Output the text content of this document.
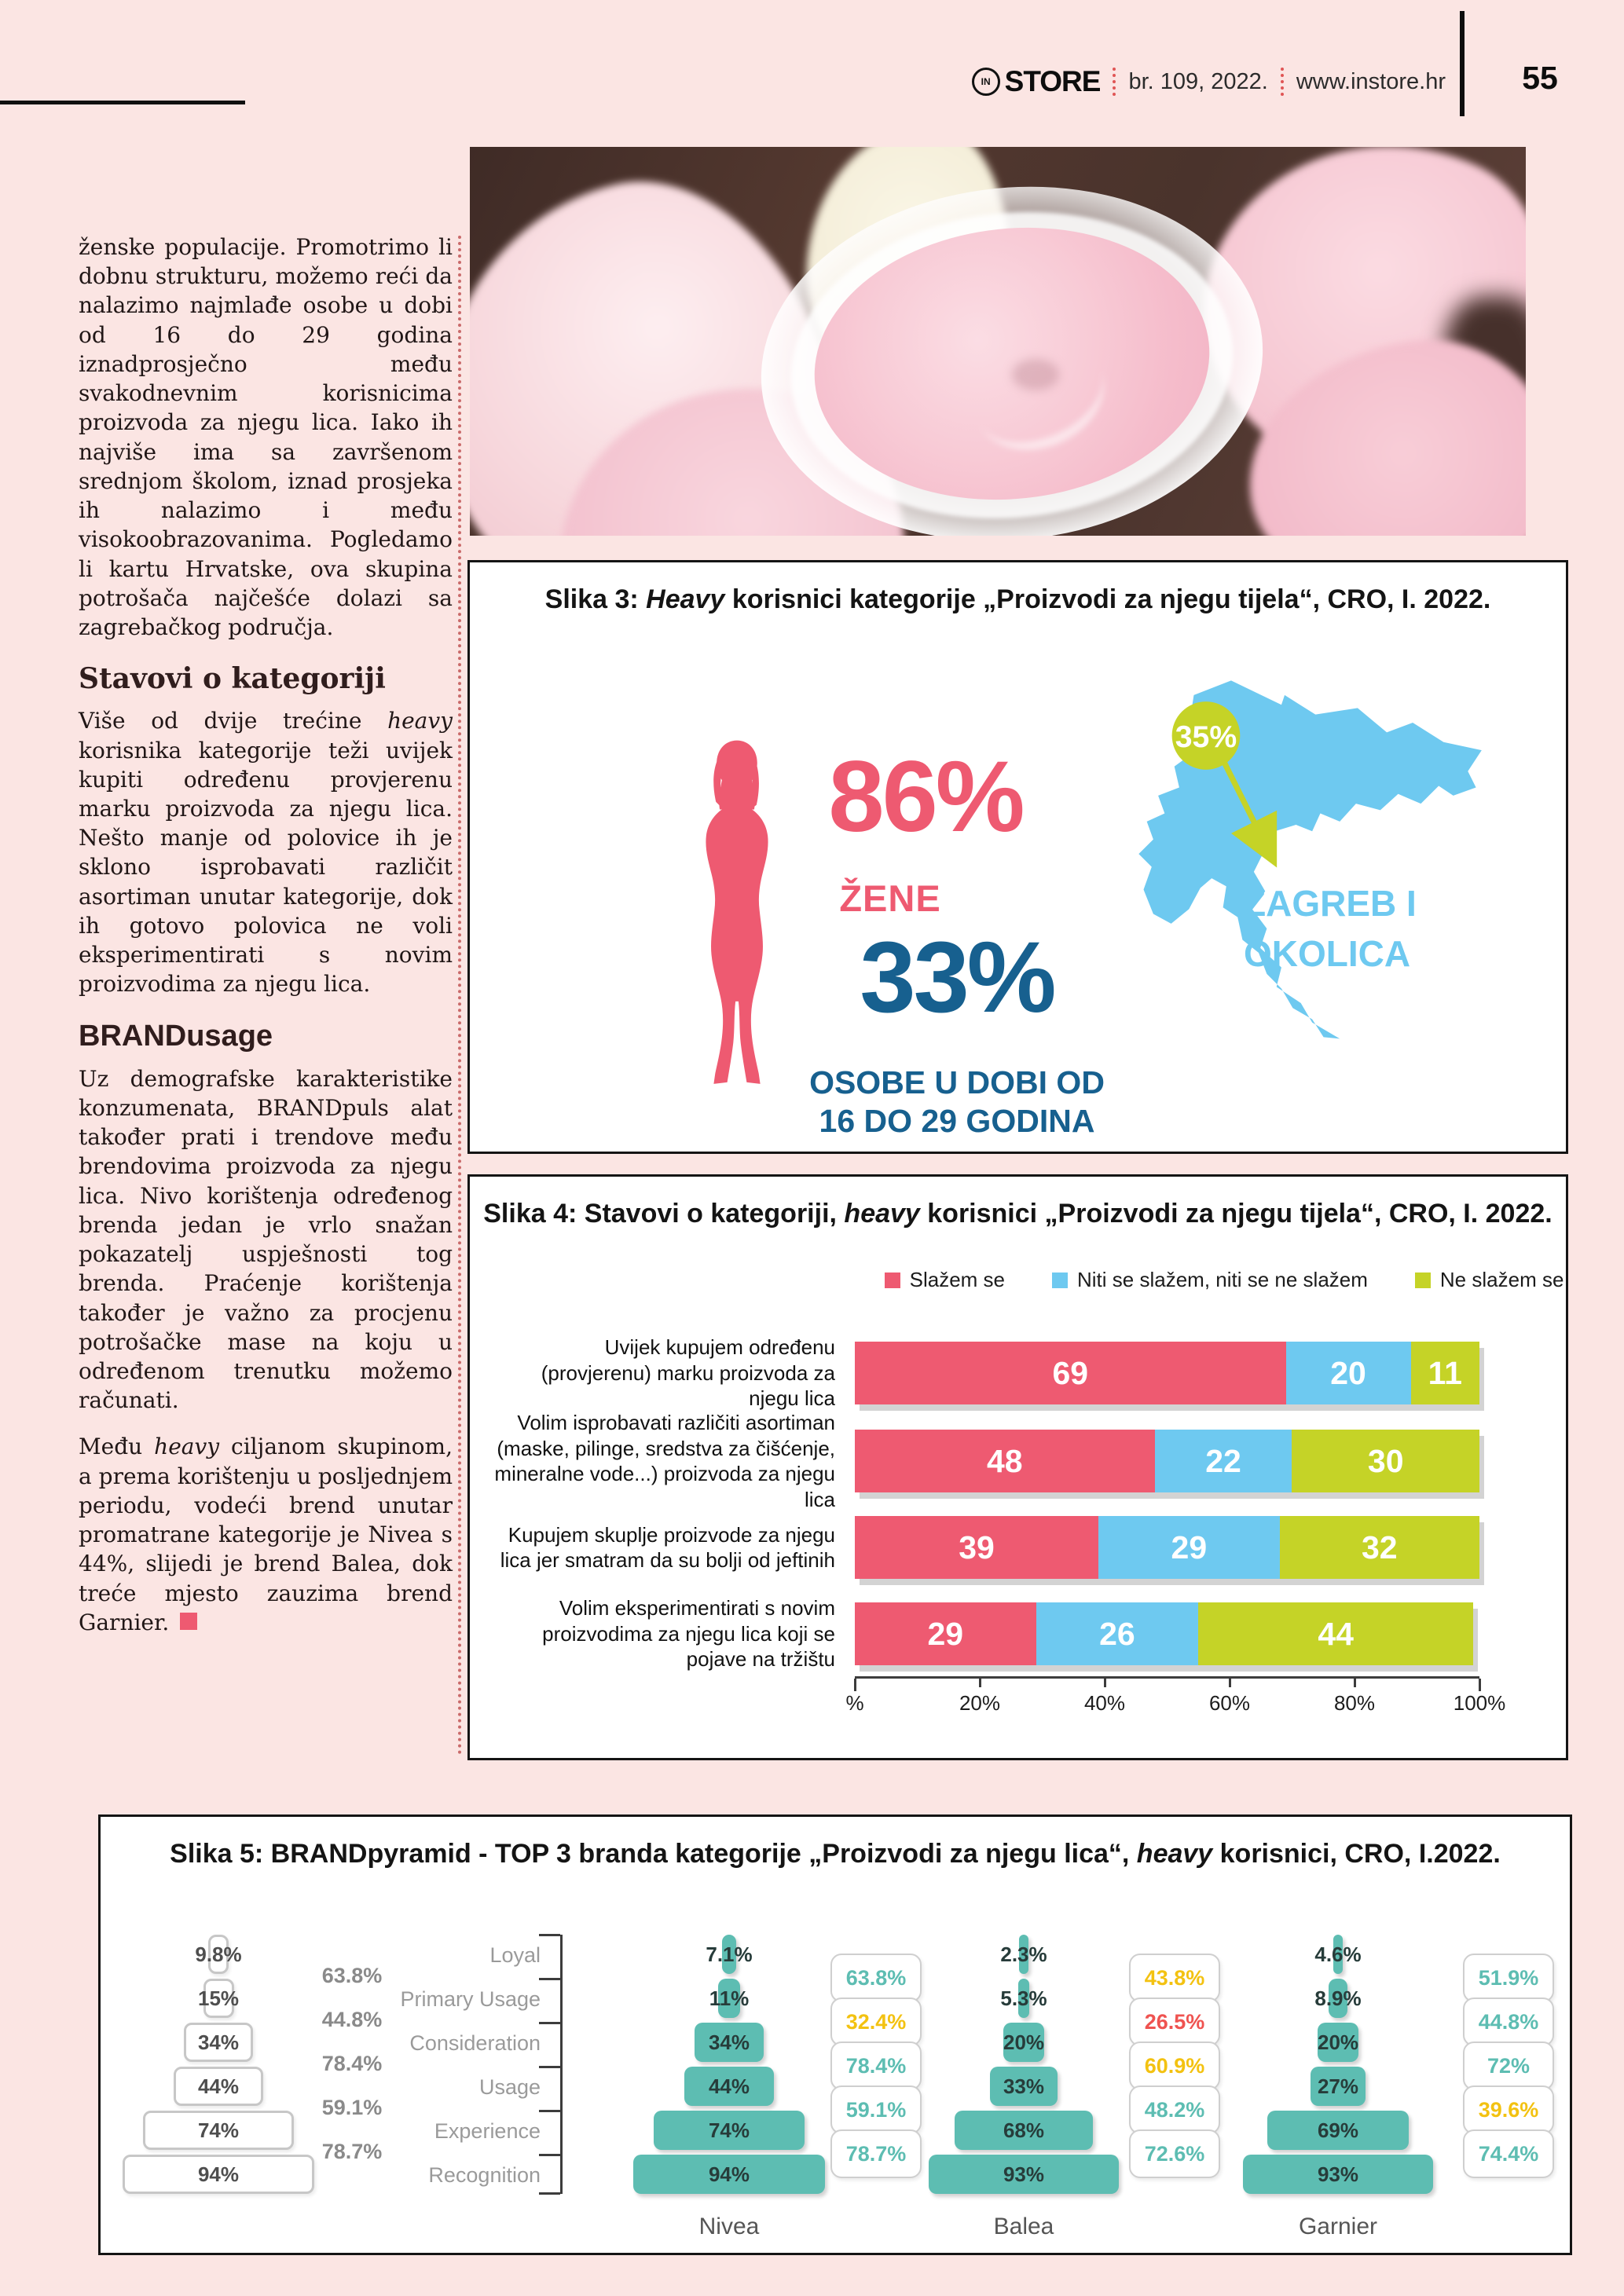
IN STORE br. 109, 2022. www.instore.hr	55

ženske populacije. Promotrimo li dobnu strukturu, možemo reći da nalazimo najmlađe osobe u dobi od 16 do 29 godina iznadprosječno među svakodnevnim korisnicima proizvoda za njegu lica. Iako ih najviše ima sa završenom srednjom školom, iznad prosjeka ih nalazimo i među visokoobrazovanima. Pogledamo li kartu Hrvatske, ova skupina potrošača najčešće dolazi sa zagrebačkog područja.

Stavovi o kategoriji

Više od dvije trećine heavy korisnika kategorije teži uvijek kupiti određenu provjerenu marku proizvoda za njegu lica. Nešto manje od polovice ih je sklono isprobavati različit asortiman unutar kategorije, dok ih gotovo polovica ne voli eksperimentirati s novim proizvodima za njegu lica.

BRANDusage

Uz demografske karakteristike konzumenata, BRANDpuls alat također prati i trendove među brendovima proizvoda za njegu lica. Nivo korištenja određenog brenda jedan je vrlo snažan pokazatelj uspješnosti tog brenda. Praćenje korištenja također je važno za procjenu potrošačke mase na koju u određenom trenutku možemo računati.

Među heavy ciljanom skupinom, a prema korištenju u posljednjem periodu, vodeći brend unutar promatrane kategorije je Nivea s 44%, slijedi je brend Balea, dok treće mjesto zauzima brend Garnier.

Slika 3: Heavy korisnici kategorije „Proizvodi za njegu tijela“, CRO, I. 2022.
86%
ŽENE
33%
OSOBE U DOBI OD
16 DO 29 GODINA
35%
ZAGREB I
OKOLICA
Slika 4: Stavovi o kategoriji, heavy korisnici „Proizvodi za njegu tijela“, CRO, I. 2022.
Slažem se	Niti se slažem, niti se ne slažem	Ne slažem se
Uvijek kupujem određenu (provjerenu) marku proizvoda za njegu lica
69	20	11
Volim isprobavati različiti asortiman (maske, pilinge, sredstva za čišćenje, mineralne vode...) proizvoda za njegu lica
48	22	30
Kupujem skuplje proizvode za njegu lica jer smatram da su bolji od jeftinih	39	29	32
Volim eksperimentirati s novim proizvodima za njegu lica koji se pojave na tržištu
29	26	44
%	20%	40%	60%	80%	100%
Slika 5: BRANDpyramid - TOP 3 branda kategorije „Proizvodi za njegu lica“, heavy korisnici, CRO, I.2022.
9.8%
15%
34%
44%
74%
94%
63.8%
44.8%
78.4%
59.1%
78.7%
Loyal
Primary Usage
Consideration
Usage
Experience
Recognition
7.1%
11%
34%
44%
74%
94%
63.8%
32.4%
78.4%
59.1%
78.7%
Nivea
2.3%
5.3%
20%
33%
68%
93%
43.8%
26.5%
60.9%
48.2%
72.6%
Balea
4.6%
8.9%
20%
27%
69%
93%
51.9%
44.8%
72%
39.6%
74.4%
Garnier
